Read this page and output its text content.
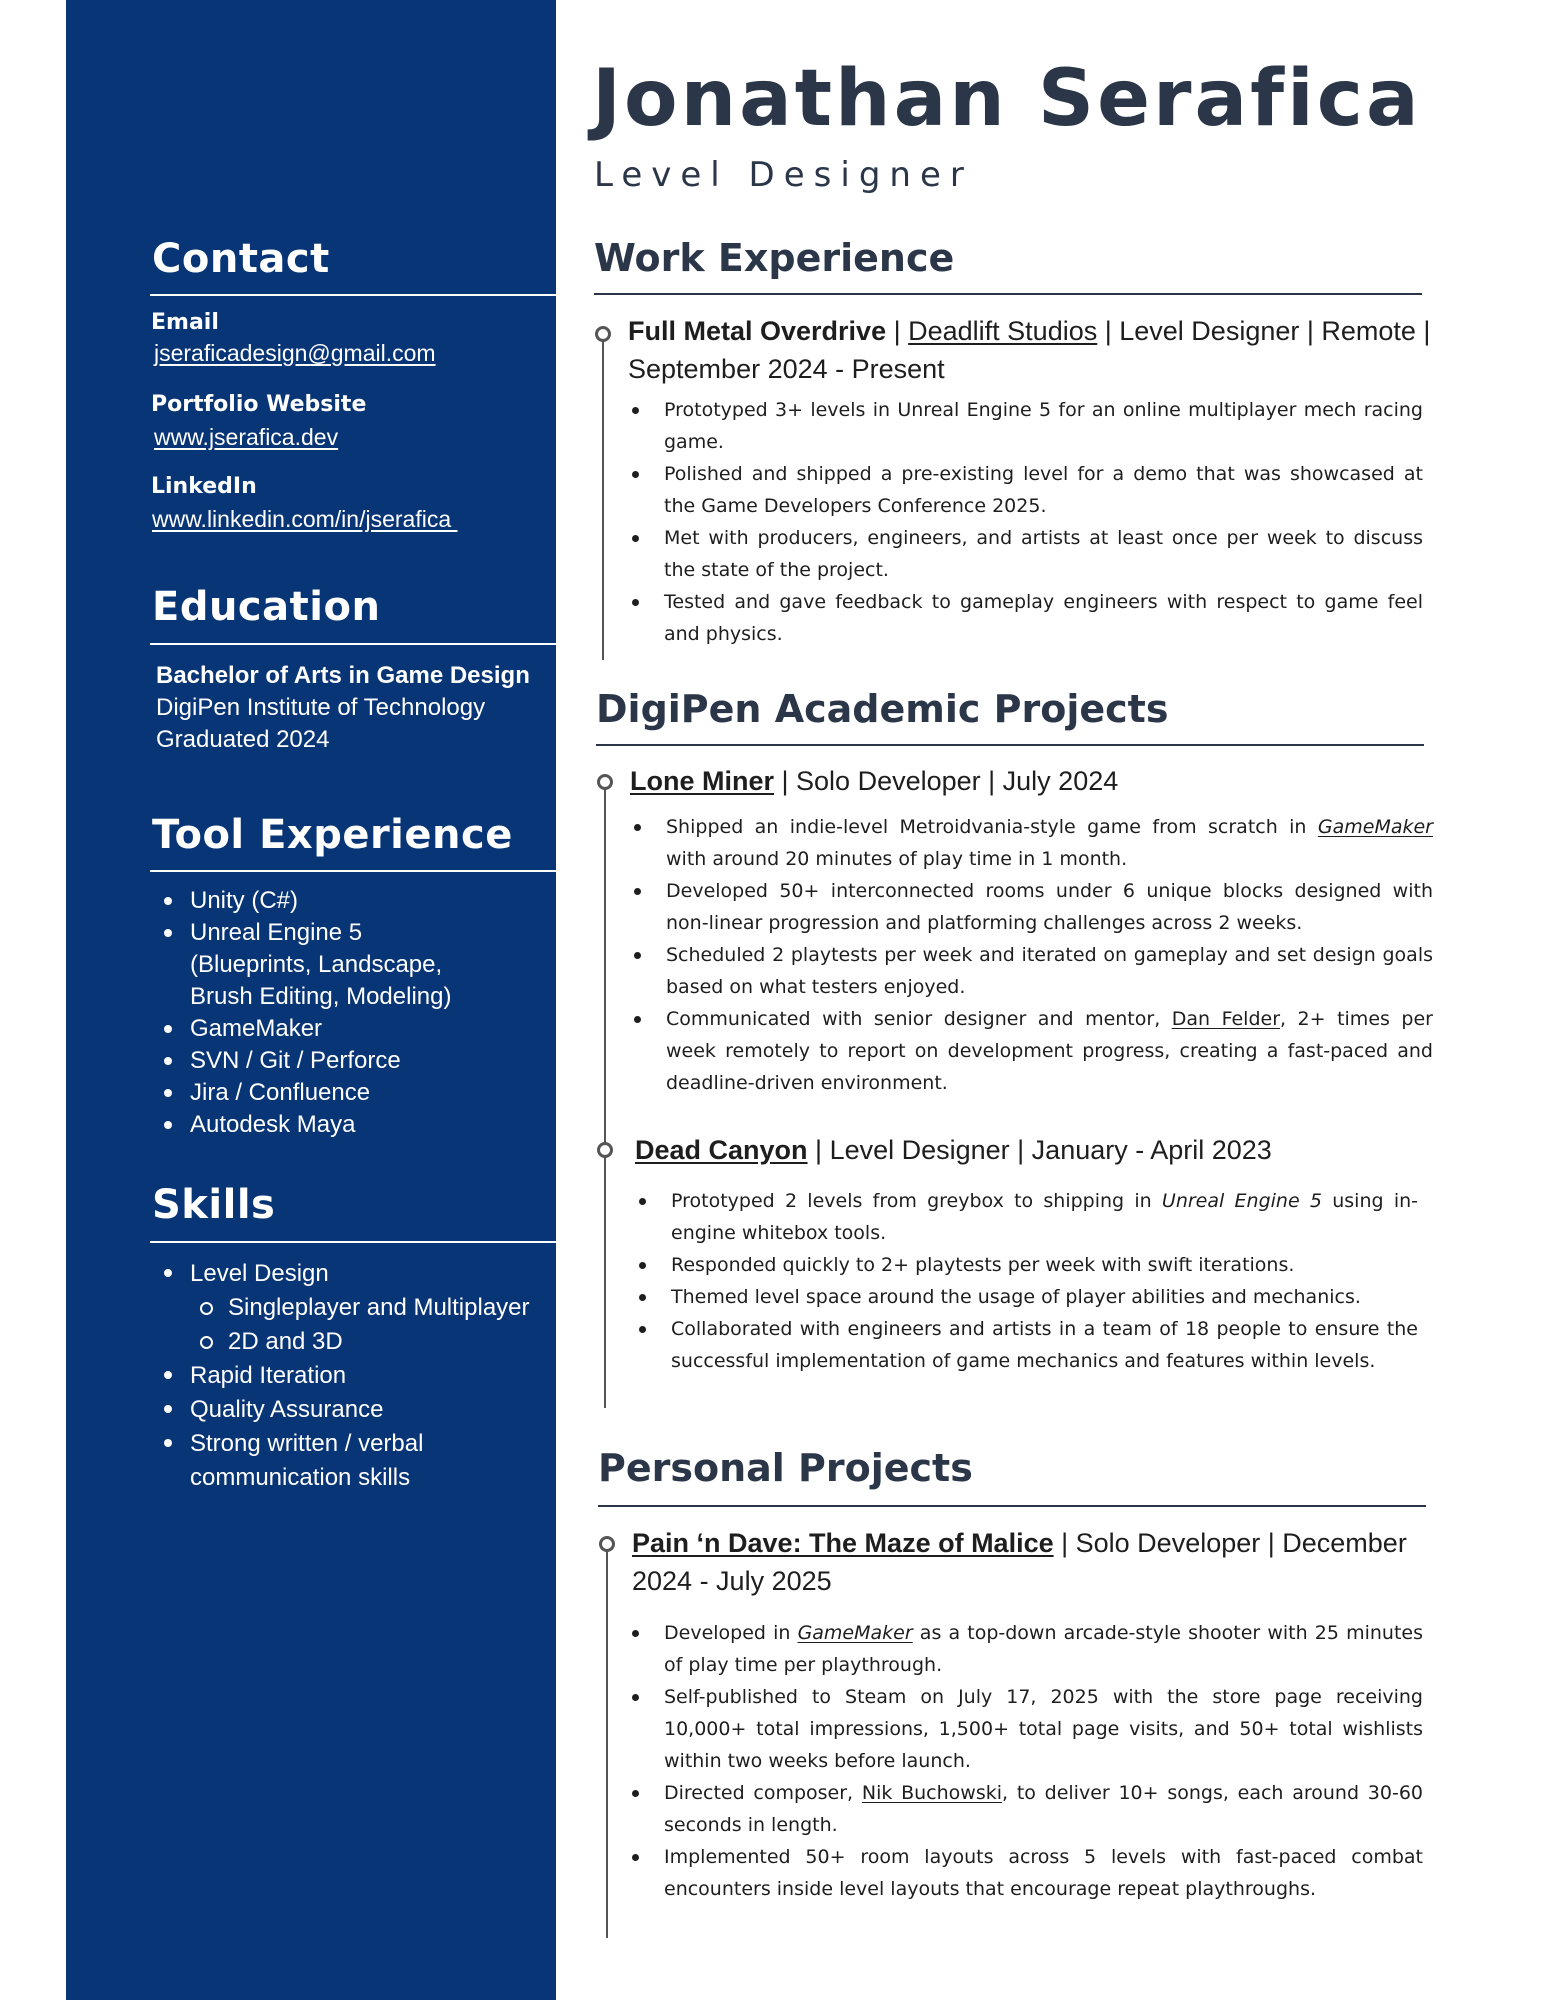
Contact
Email
jseraficadesign@gmail.com
Portfolio Website
www.jserafica.dev
LinkedIn
www.linkedin.com/in/jserafica
Education
Bachelor of Arts in Game Design
DigiPen Institute of Technology
Graduated 2024
Tool Experience
Unity (C#)
Unreal Engine 5 (Blueprints, Landscape, Brush Editing, Modeling)
GameMaker
SVN / Git / Perforce
Jira / Confluence
Autodesk Maya
Skills
Level Design
Singleplayer and Multiplayer
2D and 3D
Rapid Iteration
Quality Assurance
Strong written / verbal communication skills
Jonathan Serafica
Level Designer
Work Experience
Full Metal Overdrive | Deadlift Studios | Level Designer | Remote | September 2024 - Present
Prototyped 3+ levels in Unreal Engine 5 for an online multiplayer mech racing game.
Polished and shipped a pre-existing level for a demo that was showcased at the Game Developers Conference 2025.
Met with producers, engineers, and artists at least once per week to discuss the state of the project.
Tested and gave feedback to gameplay engineers with respect to game feel and physics.
DigiPen Academic Projects
Lone Miner | Solo Developer | July 2024
Shipped an indie-level Metroidvania-style game from scratch in GameMaker with around 20 minutes of play time in 1 month.
Developed 50+ interconnected rooms under 6 unique blocks designed with non-linear progression and platforming challenges across 2 weeks.
Scheduled 2 playtests per week and iterated on gameplay and set design goals based on what testers enjoyed.
Communicated with senior designer and mentor, Dan Felder, 2+ times per week remotely to report on development progress, creating a fast-paced and deadline-driven environment.
Dead Canyon | Level Designer | January - April 2023
Prototyped 2 levels from greybox to shipping in Unreal Engine 5 using in-engine whitebox tools.
Responded quickly to 2+ playtests per week with swift iterations.
Themed level space around the usage of player abilities and mechanics.
Collaborated with engineers and artists in a team of 18 people to ensure the successful implementation of game mechanics and features within levels.
Personal Projects
Pain ‘n Dave: The Maze of Malice | Solo Developer | December 2024 - July 2025
Developed in GameMaker as a top-down arcade-style shooter with 25 minutes of play time per playthrough.
Self-published to Steam on July 17, 2025 with the store page receiving 10,000+ total impressions, 1,500+ total page visits, and 50+ total wishlists within two weeks before launch.
Directed composer, Nik Buchowski, to deliver 10+ songs, each around 30-60 seconds in length.
Implemented 50+ room layouts across 5 levels with fast-paced combat encounters inside level layouts that encourage repeat playthroughs.
